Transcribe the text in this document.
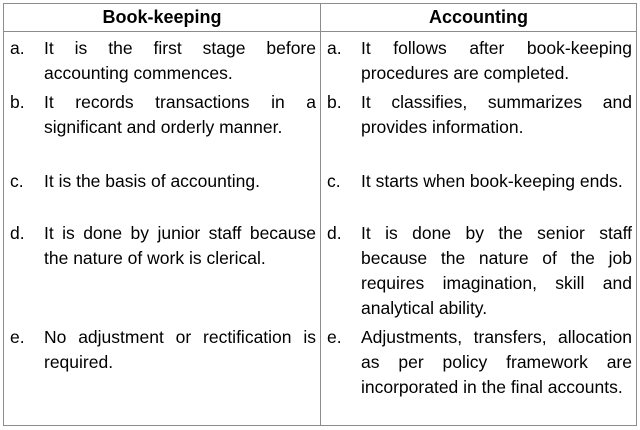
Book-keeping	Accounting

a. It is the first stage before accounting commences.	a. It follows after book-keeping procedures are completed.

b. It records transactions in a significant and orderly manner.	b. It classifies, summarizes and provides information.

c. It is the basis of accounting.	c. It starts when book-keeping ends.

d. It is done by junior staff because the nature of work is clerical.	d. It is done by the senior staff because the nature of the job requires imagination, skill and analytical ability.

e. No adjustment or rectification is required.	e. Adjustments, transfers, allocation as per policy framework are incorporated in the final accounts.
